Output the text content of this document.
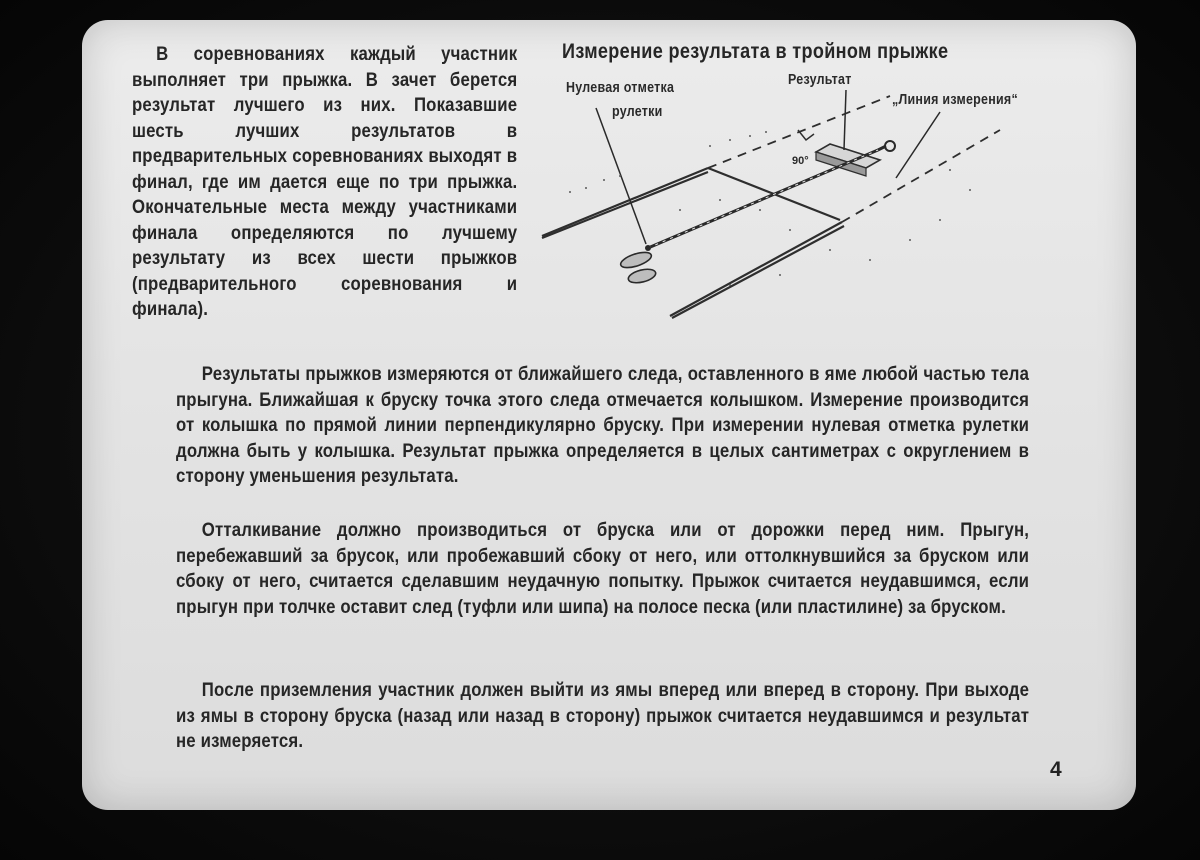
В соревнованиях каждый участник выполняет три прыжка. В зачет берется результат лучшего из них. Показавшие шесть лучших результатов в предварительных соревнованиях выходят в финал, где им дается еще по три прыжка. Окончательные места между участниками финала определяются по лучшему результату из всех шести прыжков (предварительного соревнования и финала).

Измерение результата в тройном прыжке
Нулевая отметка
рулетки
Результат
„Линия измерения“
90°

Результаты прыжков измеряются от ближайшего следа, оставленного в яме любой частью тела прыгуна. Ближайшая к бруску точка этого следа отмечается колышком. Измерение производится от колышка по прямой линии перпендикулярно бруску. При измерении нулевая отметка рулетки должна быть у колышка. Результат прыжка определяется в целых сантиметрах с округлением в сторону уменьшения результата.

Отталкивание должно производиться от бруска или от дорожки перед ним. Прыгун, перебежавший за брусок, или пробежавший сбоку от него, или оттолкнувшийся за бруском или сбоку от него, считается сделавшим неудачную попытку. Прыжок считается неудавшимся, если прыгун при толчке оставит след (туфли или шипа) на полосе песка (или пластилине) за бруском.

После приземления участник должен выйти из ямы вперед или вперед в сторону. При выходе из ямы в сторону бруска (назад или назад в сторону) прыжок считается неудавшимся и результат не измеряется.

4
